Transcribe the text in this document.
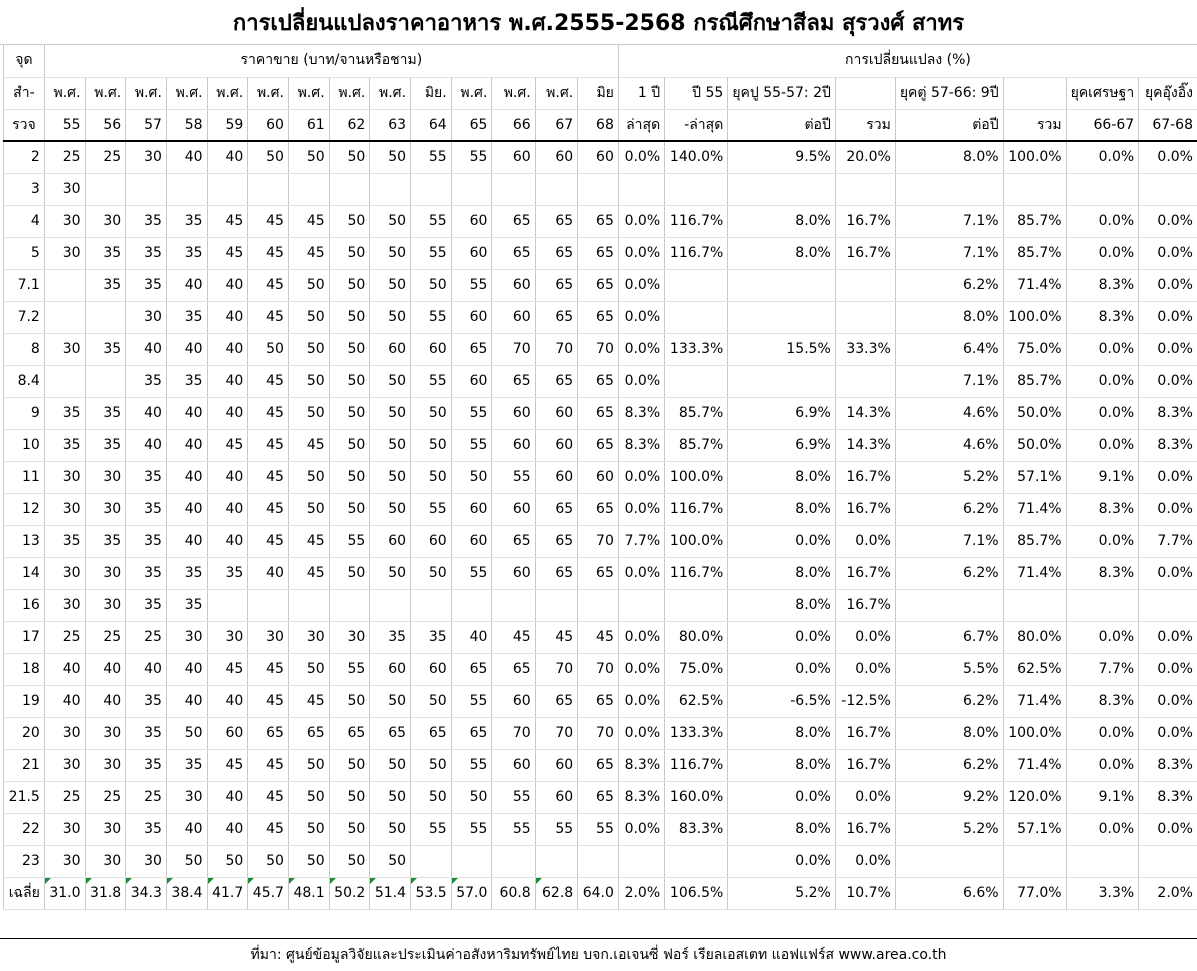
การเปลี่ยนแปลงราคาอาหาร พ.ศ.2555-2568 กรณีศึกษาสีลม สุรวงศ์ สาทร
จุด	ราคาขาย (บาท/จานหรือชาม)														การเปลี่ยนแปลง (%)							
สำ-	พ.ศ.	พ.ศ.	พ.ศ.	พ.ศ.	พ.ศ.	พ.ศ.	พ.ศ.	พ.ศ.	พ.ศ.	มิย.	พ.ศ.	พ.ศ.	พ.ศ.	มิย	1 ปี	ปี 55	ยุคปู 55-57: 2ปี		ยุคตู่ 57-66: 9ปี		ยุคเศรษฐา	ยุคอุ๊งอิ๊ง
รวจ	55	56	57	58	59	60	61	62	63	64	65	66	67	68	ล่าสุด	-ล่าสุด	ต่อปี	รวม	ต่อปี	รวม	66-67	67-68
2	25	25	30	40	40	50	50	50	50	55	55	60	60	60	0.0%	140.0%	9.5%	20.0%	8.0%	100.0%	0.0%	0.0%
3	30																					
4	30	30	35	35	45	45	45	50	50	55	60	65	65	65	0.0%	116.7%	8.0%	16.7%	7.1%	85.7%	0.0%	0.0%
5	30	35	35	35	45	45	45	50	50	55	60	65	65	65	0.0%	116.7%	8.0%	16.7%	7.1%	85.7%	0.0%	0.0%
7.1		35	35	40	40	45	50	50	50	50	55	60	65	65	0.0%				6.2%	71.4%	8.3%	0.0%
7.2			30	35	40	45	50	50	50	55	60	60	65	65	0.0%				8.0%	100.0%	8.3%	0.0%
8	30	35	40	40	40	50	50	50	60	60	65	70	70	70	0.0%	133.3%	15.5%	33.3%	6.4%	75.0%	0.0%	0.0%
8.4			35	35	40	45	50	50	50	55	60	65	65	65	0.0%				7.1%	85.7%	0.0%	0.0%
9	35	35	40	40	40	45	50	50	50	50	55	60	60	65	8.3%	85.7%	6.9%	14.3%	4.6%	50.0%	0.0%	8.3%
10	35	35	40	40	45	45	45	50	50	50	55	60	60	65	8.3%	85.7%	6.9%	14.3%	4.6%	50.0%	0.0%	8.3%
11	30	30	35	40	40	45	50	50	50	50	50	55	60	60	0.0%	100.0%	8.0%	16.7%	5.2%	57.1%	9.1%	0.0%
12	30	30	35	40	40	45	50	50	50	55	60	60	65	65	0.0%	116.7%	8.0%	16.7%	6.2%	71.4%	8.3%	0.0%
13	35	35	35	40	40	45	45	55	60	60	60	65	65	70	7.7%	100.0%	0.0%	0.0%	7.1%	85.7%	0.0%	7.7%
14	30	30	35	35	35	40	45	50	50	50	55	60	65	65	0.0%	116.7%	8.0%	16.7%	6.2%	71.4%	8.3%	0.0%
16	30	30	35	35													8.0%	16.7%				
17	25	25	25	30	30	30	30	30	35	35	40	45	45	45	0.0%	80.0%	0.0%	0.0%	6.7%	80.0%	0.0%	0.0%
18	40	40	40	40	45	45	50	55	60	60	65	65	70	70	0.0%	75.0%	0.0%	0.0%	5.5%	62.5%	7.7%	0.0%
19	40	40	35	40	40	45	45	50	50	50	55	60	65	65	0.0%	62.5%	-6.5%	-12.5%	6.2%	71.4%	8.3%	0.0%
20	30	30	35	50	60	65	65	65	65	65	65	70	70	70	0.0%	133.3%	8.0%	16.7%	8.0%	100.0%	0.0%	0.0%
21	30	30	35	35	45	45	50	50	50	50	55	60	60	65	8.3%	116.7%	8.0%	16.7%	6.2%	71.4%	0.0%	8.3%
21.5	25	25	25	30	40	45	50	50	50	50	50	55	60	65	8.3%	160.0%	0.0%	0.0%	9.2%	120.0%	9.1%	8.3%
22	30	30	35	40	40	45	50	50	50	55	55	55	55	55	0.0%	83.3%	8.0%	16.7%	5.2%	57.1%	0.0%	0.0%
23	30	30	30	50	50	50	50	50	50								0.0%	0.0%				
เฉลี่ย	31.0	31.8	34.3	38.4	41.7	45.7	48.1	50.2	51.4	53.5	57.0	60.8	62.8	64.0	2.0%	106.5%	5.2%	10.7%	6.6%	77.0%	3.3%	2.0%
ที่มา: ศูนย์ข้อมูลวิจัยและประเมินค่าอสังหาริมทรัพย์ไทย บจก.เอเจนซี่ ฟอร์ เรียลเอสเตท แอฟแฟร์ส www.area.co.th
